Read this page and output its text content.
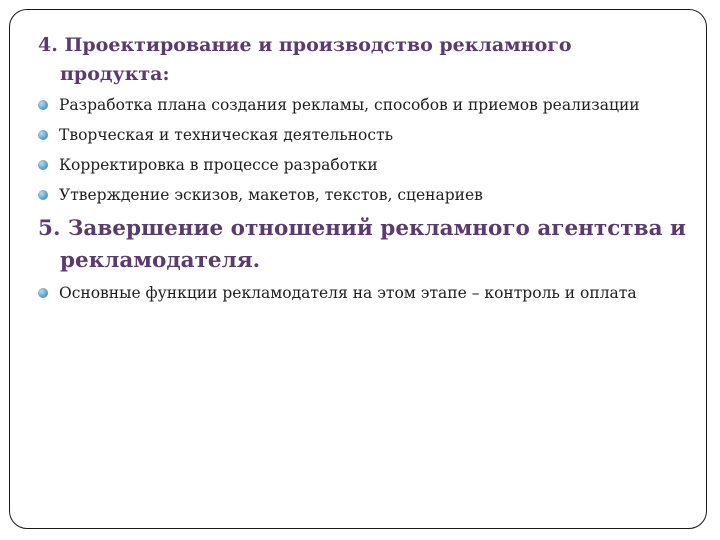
4. Проектирование и производство рекламного
продукта:
Разработка плана создания рекламы, способов и приемов реализации
Творческая и техническая деятельность
Корректировка в процессе разработки
Утверждение эскизов, макетов, текстов, сценариев
5. Завершение отношений рекламного агентства и
рекламодателя.
Основные функции рекламодателя на этом этапе – контроль и оплата
